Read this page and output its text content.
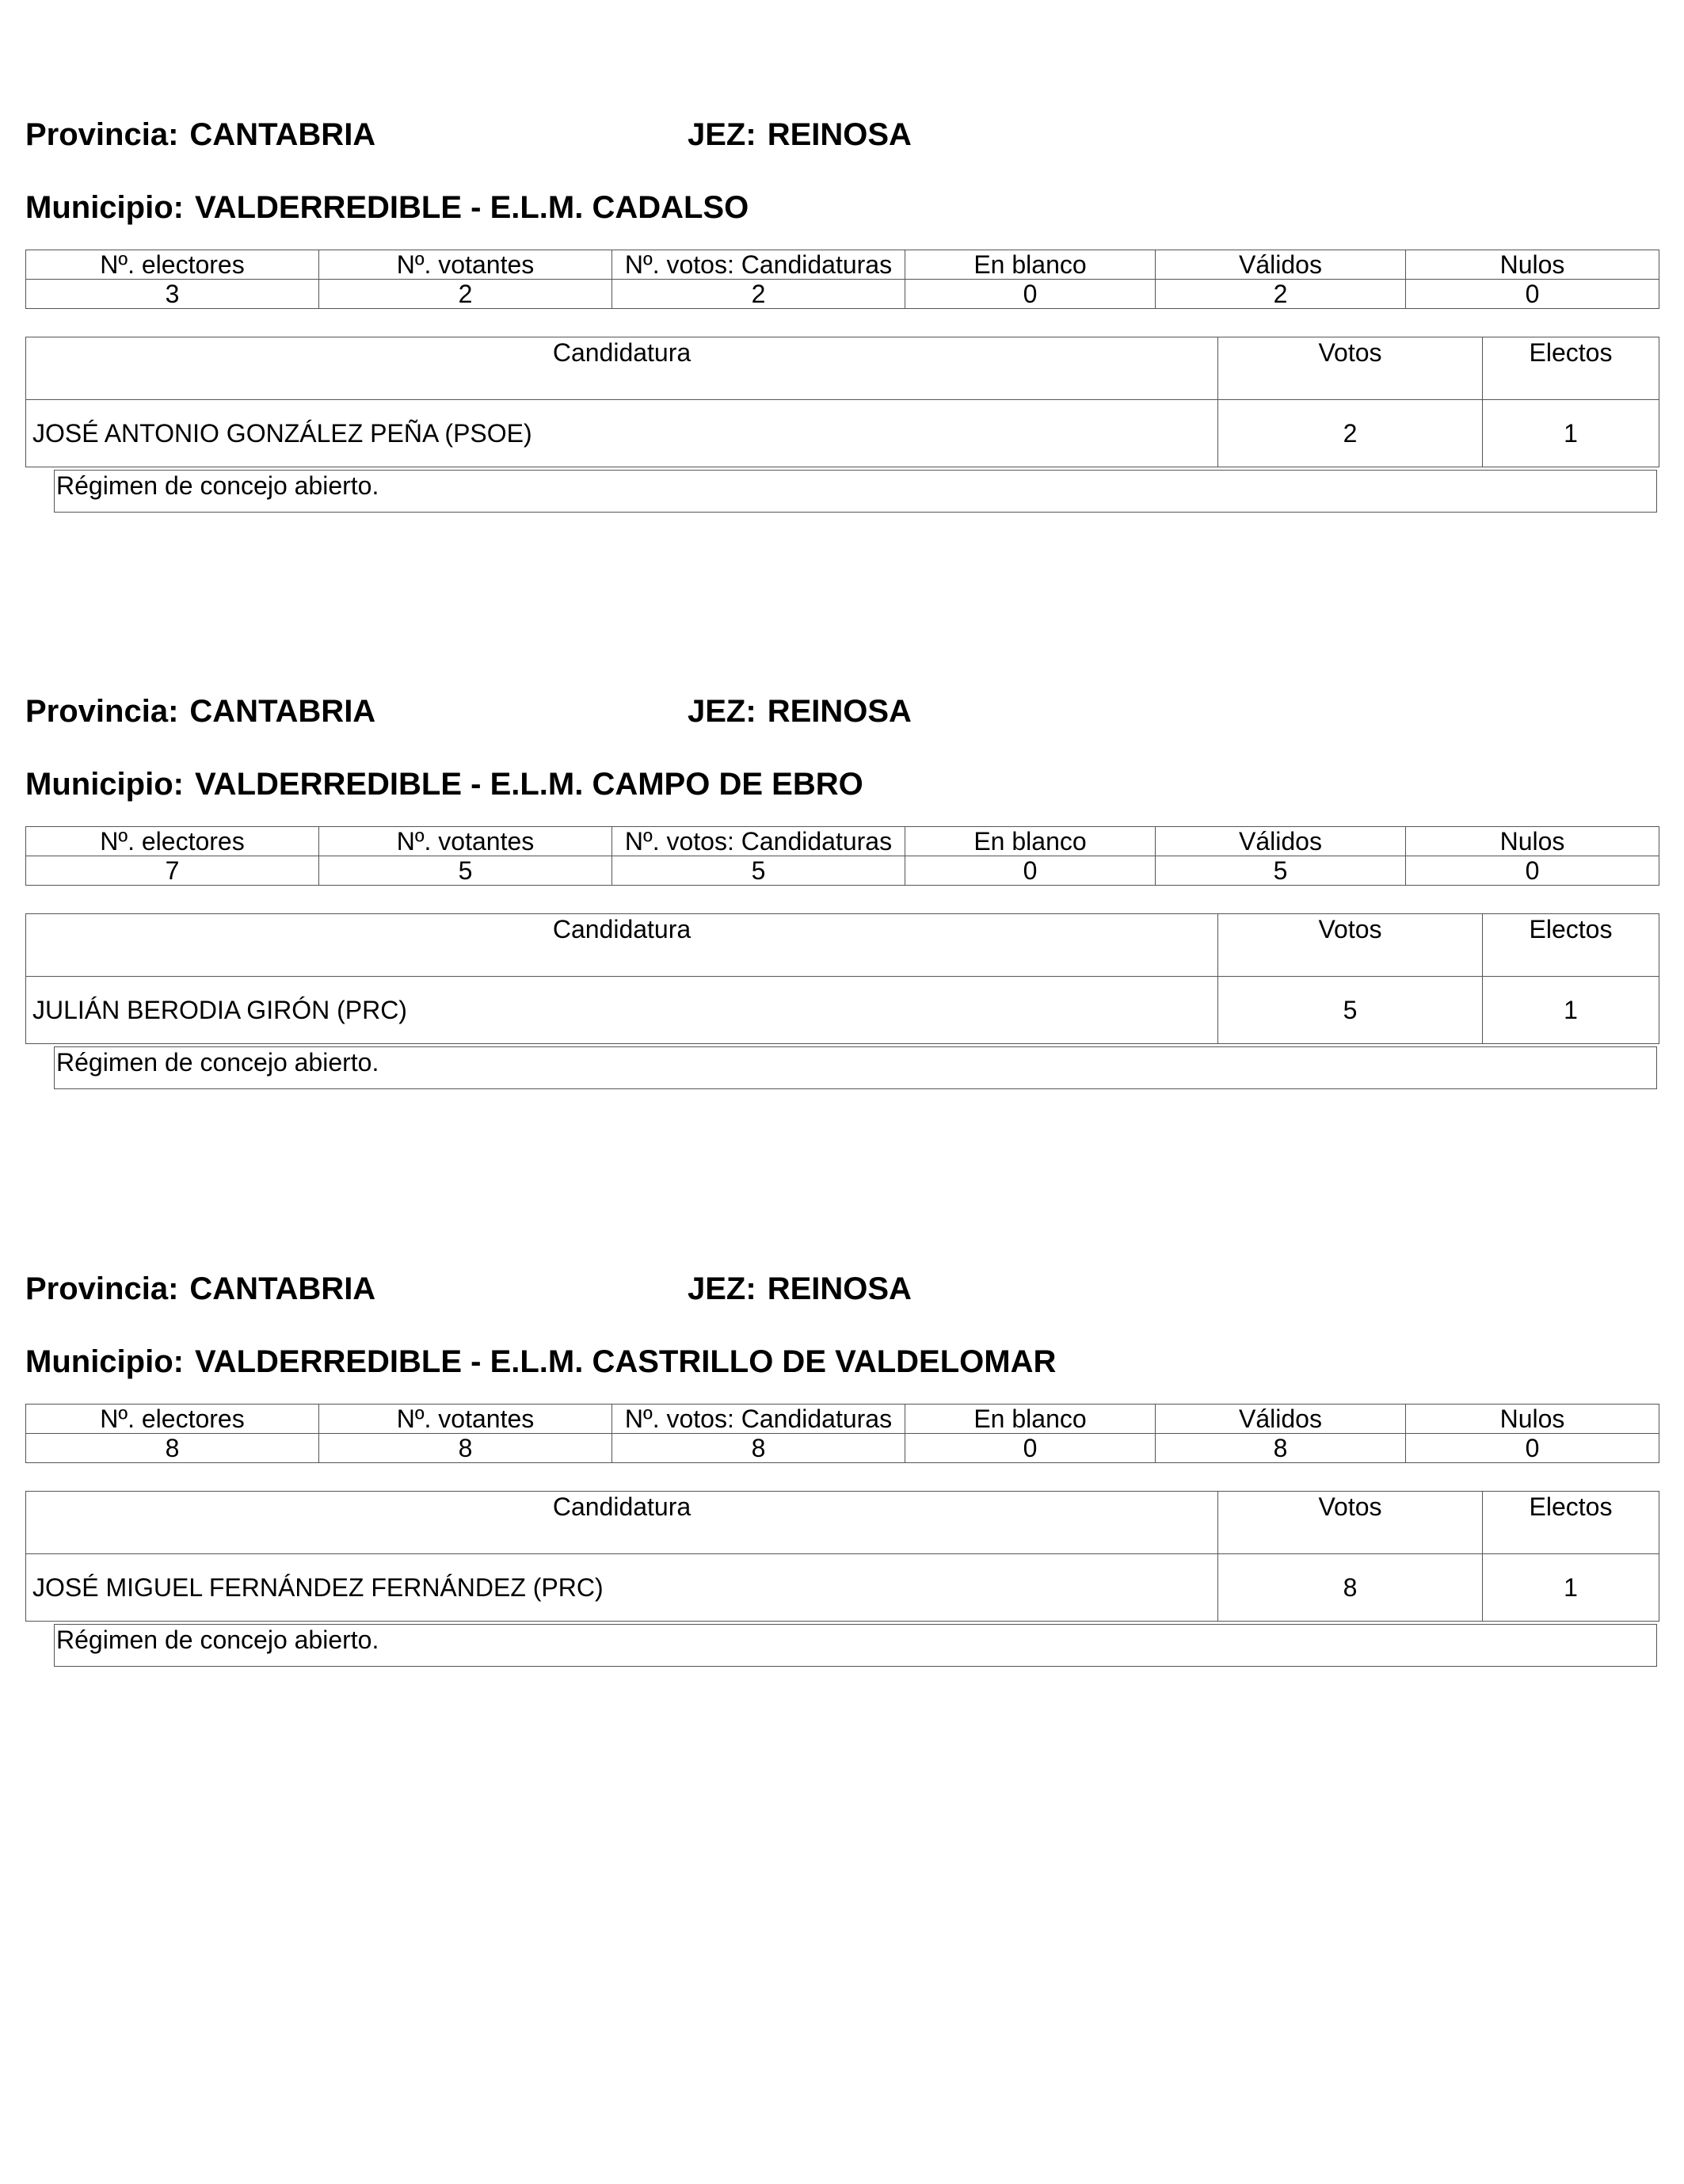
Provincia: CANTABRIA	JEZ: REINOSA
Municipio: VALDERREDIBLE - E.L.M. CADALSO
Nº. electores	Nº. votantes	Nº. votos: Candidaturas	En blanco	Válidos	Nulos
3	2	2	0	2	0
Candidatura	Votos	Electos
JOSÉ ANTONIO GONZÁLEZ PEÑA (PSOE)	2	1
Régimen de concejo abierto.
Provincia: CANTABRIA	JEZ: REINOSA
Municipio: VALDERREDIBLE - E.L.M. CAMPO DE EBRO
Nº. electores	Nº. votantes	Nº. votos: Candidaturas	En blanco	Válidos	Nulos
7	5	5	0	5	0
Candidatura	Votos	Electos
JULIÁN BERODIA GIRÓN (PRC)	5	1
Régimen de concejo abierto.
Provincia: CANTABRIA	JEZ: REINOSA
Municipio: VALDERREDIBLE - E.L.M. CASTRILLO DE VALDELOMAR
Nº. electores	Nº. votantes	Nº. votos: Candidaturas	En blanco	Válidos	Nulos
8	8	8	0	8	0
Candidatura	Votos	Electos
JOSÉ MIGUEL FERNÁNDEZ FERNÁNDEZ (PRC)	8	1
Régimen de concejo abierto.
